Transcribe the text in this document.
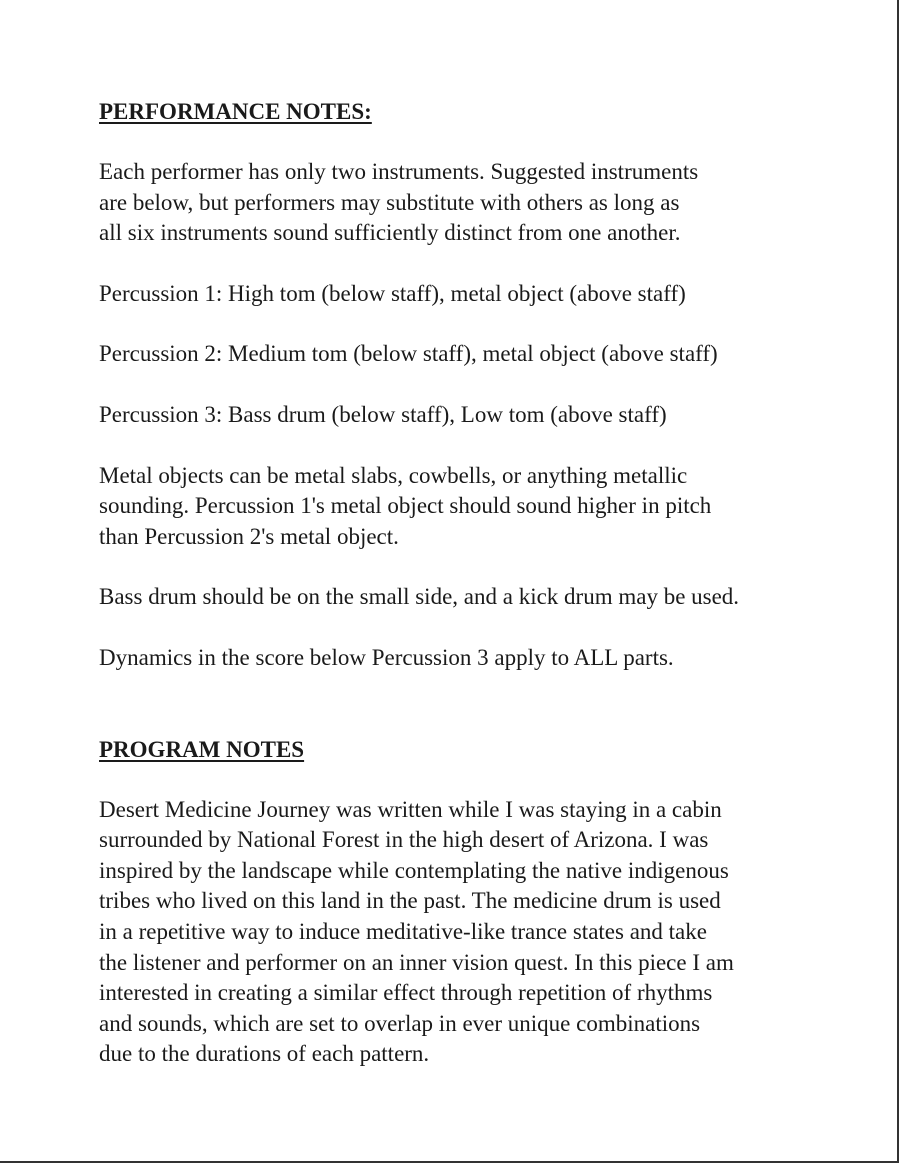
PERFORMANCE NOTES:

Each performer has only two instruments. Suggested instruments
are below, but performers may substitute with others as long as
all six instruments sound sufficiently distinct from one another.

Percussion 1: High tom (below staff), metal object (above staff)

Percussion 2: Medium tom (below staff), metal object (above staff)

Percussion 3: Bass drum (below staff), Low tom (above staff)

Metal objects can be metal slabs, cowbells, or anything metallic
sounding. Percussion 1's metal object should sound higher in pitch
than Percussion 2's metal object.

Bass drum should be on the small side, and a kick drum may be used.

Dynamics in the score below Percussion 3 apply to ALL parts.

PROGRAM NOTES

Desert Medicine Journey was written while I was staying in a cabin
surrounded by National Forest in the high desert of Arizona. I was
inspired by the landscape while contemplating the native indigenous
tribes who lived on this land in the past. The medicine drum is used
in a repetitive way to induce meditative-like trance states and take
the listener and performer on an inner vision quest. In this piece I am
interested in creating a similar effect through repetition of rhythms
and sounds, which are set to overlap in ever unique combinations
due to the durations of each pattern.
